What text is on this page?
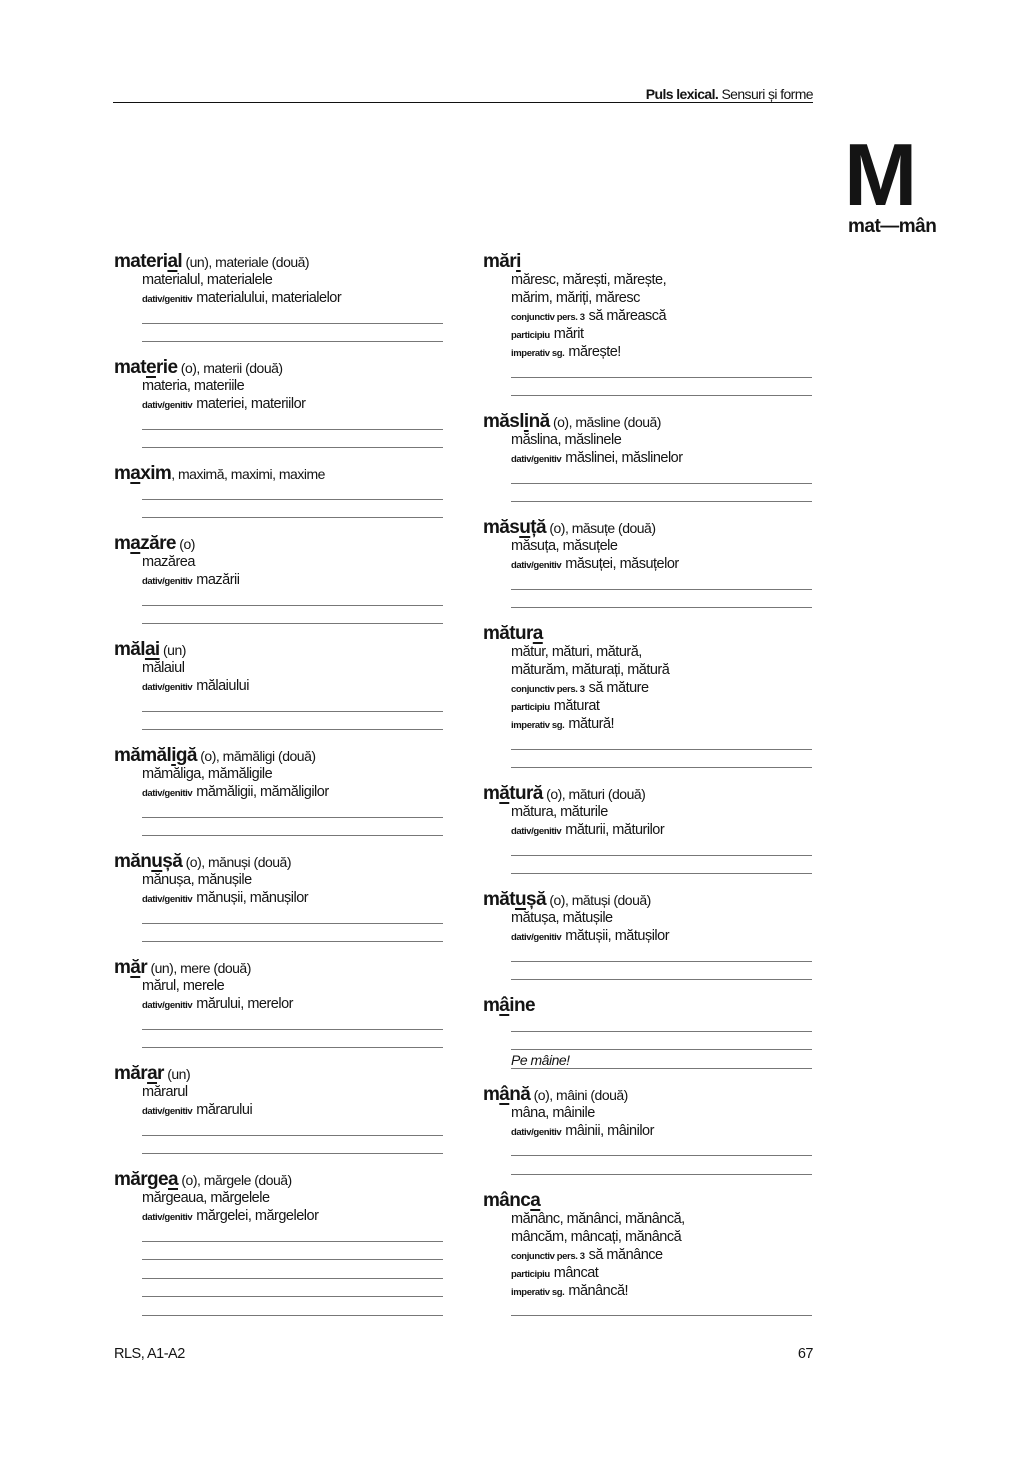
Puls lexical. Sensuri și forme
M
mat—mân
material (un), materiale (două)
materialul, materialele
dativ/genitiv materialului, materialelor
materie (o), materii (două)
materia, materiile
dativ/genitiv materiei, materiilor
maxim, maximă, maximi, maxime
mazăre (o)
mazărea
dativ/genitiv mazării
mălai (un)
mălaiul
dativ/genitiv mălaiului
mămăligă (o), mămăligi (două)
mămăliga, mămăligile
dativ/genitiv mămăligii, mămăligilor
mănușă (o), mănuși (două)
mănușa, mănușile
dativ/genitiv mănușii, mănușilor
măr (un), mere (două)
mărul, merele
dativ/genitiv mărului, merelor
mărar (un)
mărarul
dativ/genitiv mărarului
mărgea (o), mărgele (două)
mărgeaua, mărgelele
dativ/genitiv mărgelei, mărgelelor
mări
măresc, mărești, mărește,
mărim, măriți, măresc
conjunctiv pers. 3 să mărească
participiu mărit
imperativ sg. mărește!
măslină (o), măsline (două)
măslina, măslinele
dativ/genitiv măslinei, măslinelor
măsuță (o), măsuțe (două)
măsuța, măsuțele
dativ/genitiv măsuței, măsuțelor
mătura
mătur, mături, mătură,
măturăm, măturați, mătură
conjunctiv pers. 3 să măture
participiu măturat
imperativ sg. mătură!
mătură (o), mături (două)
mătura, măturile
dativ/genitiv măturii, măturilor
mătușă (o), mătuși (două)
mătușa, mătușile
dativ/genitiv mătușii, mătușilor
mâine
Pe mâine!
mână (o), mâini (două)
mâna, mâinile
dativ/genitiv mâinii, mâinilor
mânca
mănânc, mănânci, mănâncă,
mâncăm, mâncați, mănâncă
conjunctiv pers. 3 să mănânce
participiu mâncat
imperativ sg. mănâncă!
RLS, A1-A2	67
